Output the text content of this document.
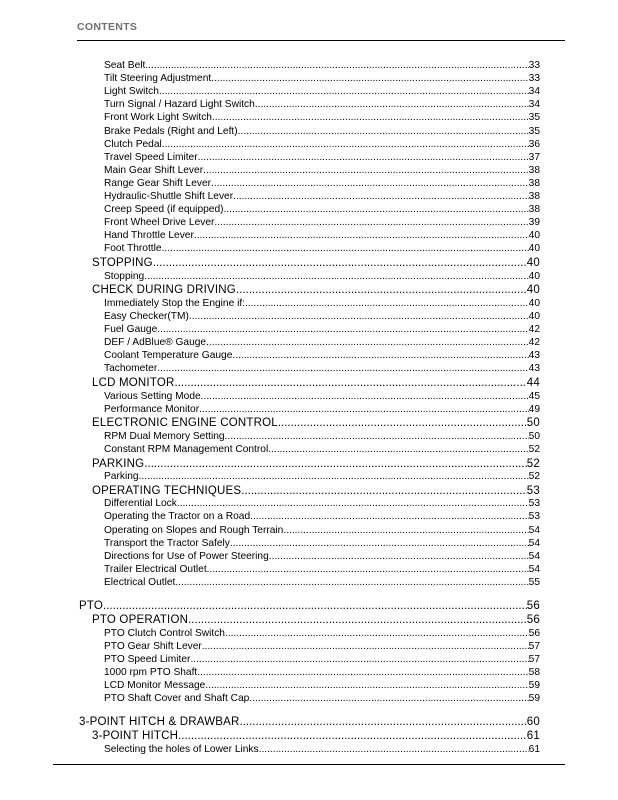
CONTENTS
Seat Belt .....	33
Tilt Steering Adjustment .....	33
Light Switch .....	34
Turn Signal / Hazard Light Switch .....	34
Front Work Light Switch .....	35
Brake Pedals (Right and Left) .....	35
Clutch Pedal .....	36
Travel Speed Limiter .....	37
Main Gear Shift Lever .....	38
Range Gear Shift Lever .....	38
Hydraulic-Shuttle Shift Lever .....	38
Creep Speed (if equipped) .....	38
Front Wheel Drive Lever .....	39
Hand Throttle Lever .....	40
Foot Throttle .....	40
STOPPING .....	40
Stopping .....	40
CHECK DURING DRIVING .....	40
Immediately Stop the Engine if: .....	40
Easy Checker(TM) .....	40
Fuel Gauge .....	42
DEF / AdBlue® Gauge .....	42
Coolant Temperature Gauge .....	43
Tachometer .....	43
LCD MONITOR .....	44
Various Setting Mode .....	45
Performance Monitor .....	49
ELECTRONIC ENGINE CONTROL .....	50
RPM Dual Memory Setting .....	50
Constant RPM Management Control .....	52
PARKING .....	52
Parking .....	52
OPERATING TECHNIQUES .....	53
Differential Lock .....	53
Operating the Tractor on a Road .....	53
Operating on Slopes and Rough Terrain .....	54
Transport the Tractor Safely .....	54
Directions for Use of Power Steering .....	54
Trailer Electrical Outlet .....	54
Electrical Outlet .....	55
PTO .....	56
PTO OPERATION .....	56
PTO Clutch Control Switch .....	56
PTO Gear Shift Lever .....	57
PTO Speed Limiter .....	57
1000 rpm PTO Shaft .....	58
LCD Monitor Message .....	59
PTO Shaft Cover and Shaft Cap .....	59
3-POINT HITCH & DRAWBAR .....	60
3-POINT HITCH .....	61
Selecting the holes of Lower Links .....	61
